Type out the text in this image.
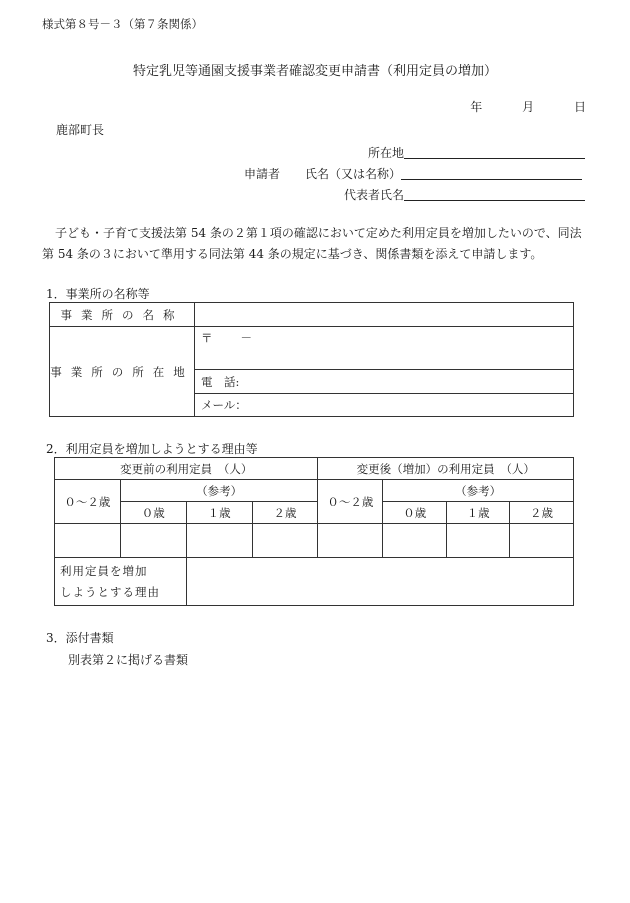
様式第８号－３（第７条関係）
特定乳児等通園支援事業者確認変更申請書（利用定員の増加）
年	月	日
鹿部町長
所在地
申請者 氏名（又は名称）
代表者氏名
子ども・子育て支援法第 54 条の２第１項の確認において定めた利用定員を増加したいので、同法第 54 条の３において準用する同法第 44 条の規定に基づき、関係書類を添えて申請します。
1．事業所の名称等
事業所の名称	
事業所の所在地	〒 －
	電　話:
	メール：
2．利用定員を増加しようとする理由等
変更前の利用定員　（人）				変更後（増加）の利用定員　（人）			
０～２歳	（参考）			０～２歳	（参考）		
	０歳	１歳	２歳		０歳	１歳	２歳

利用定員を増加
しようとする理由							

3．添付書類
別表第２に掲げる書類
